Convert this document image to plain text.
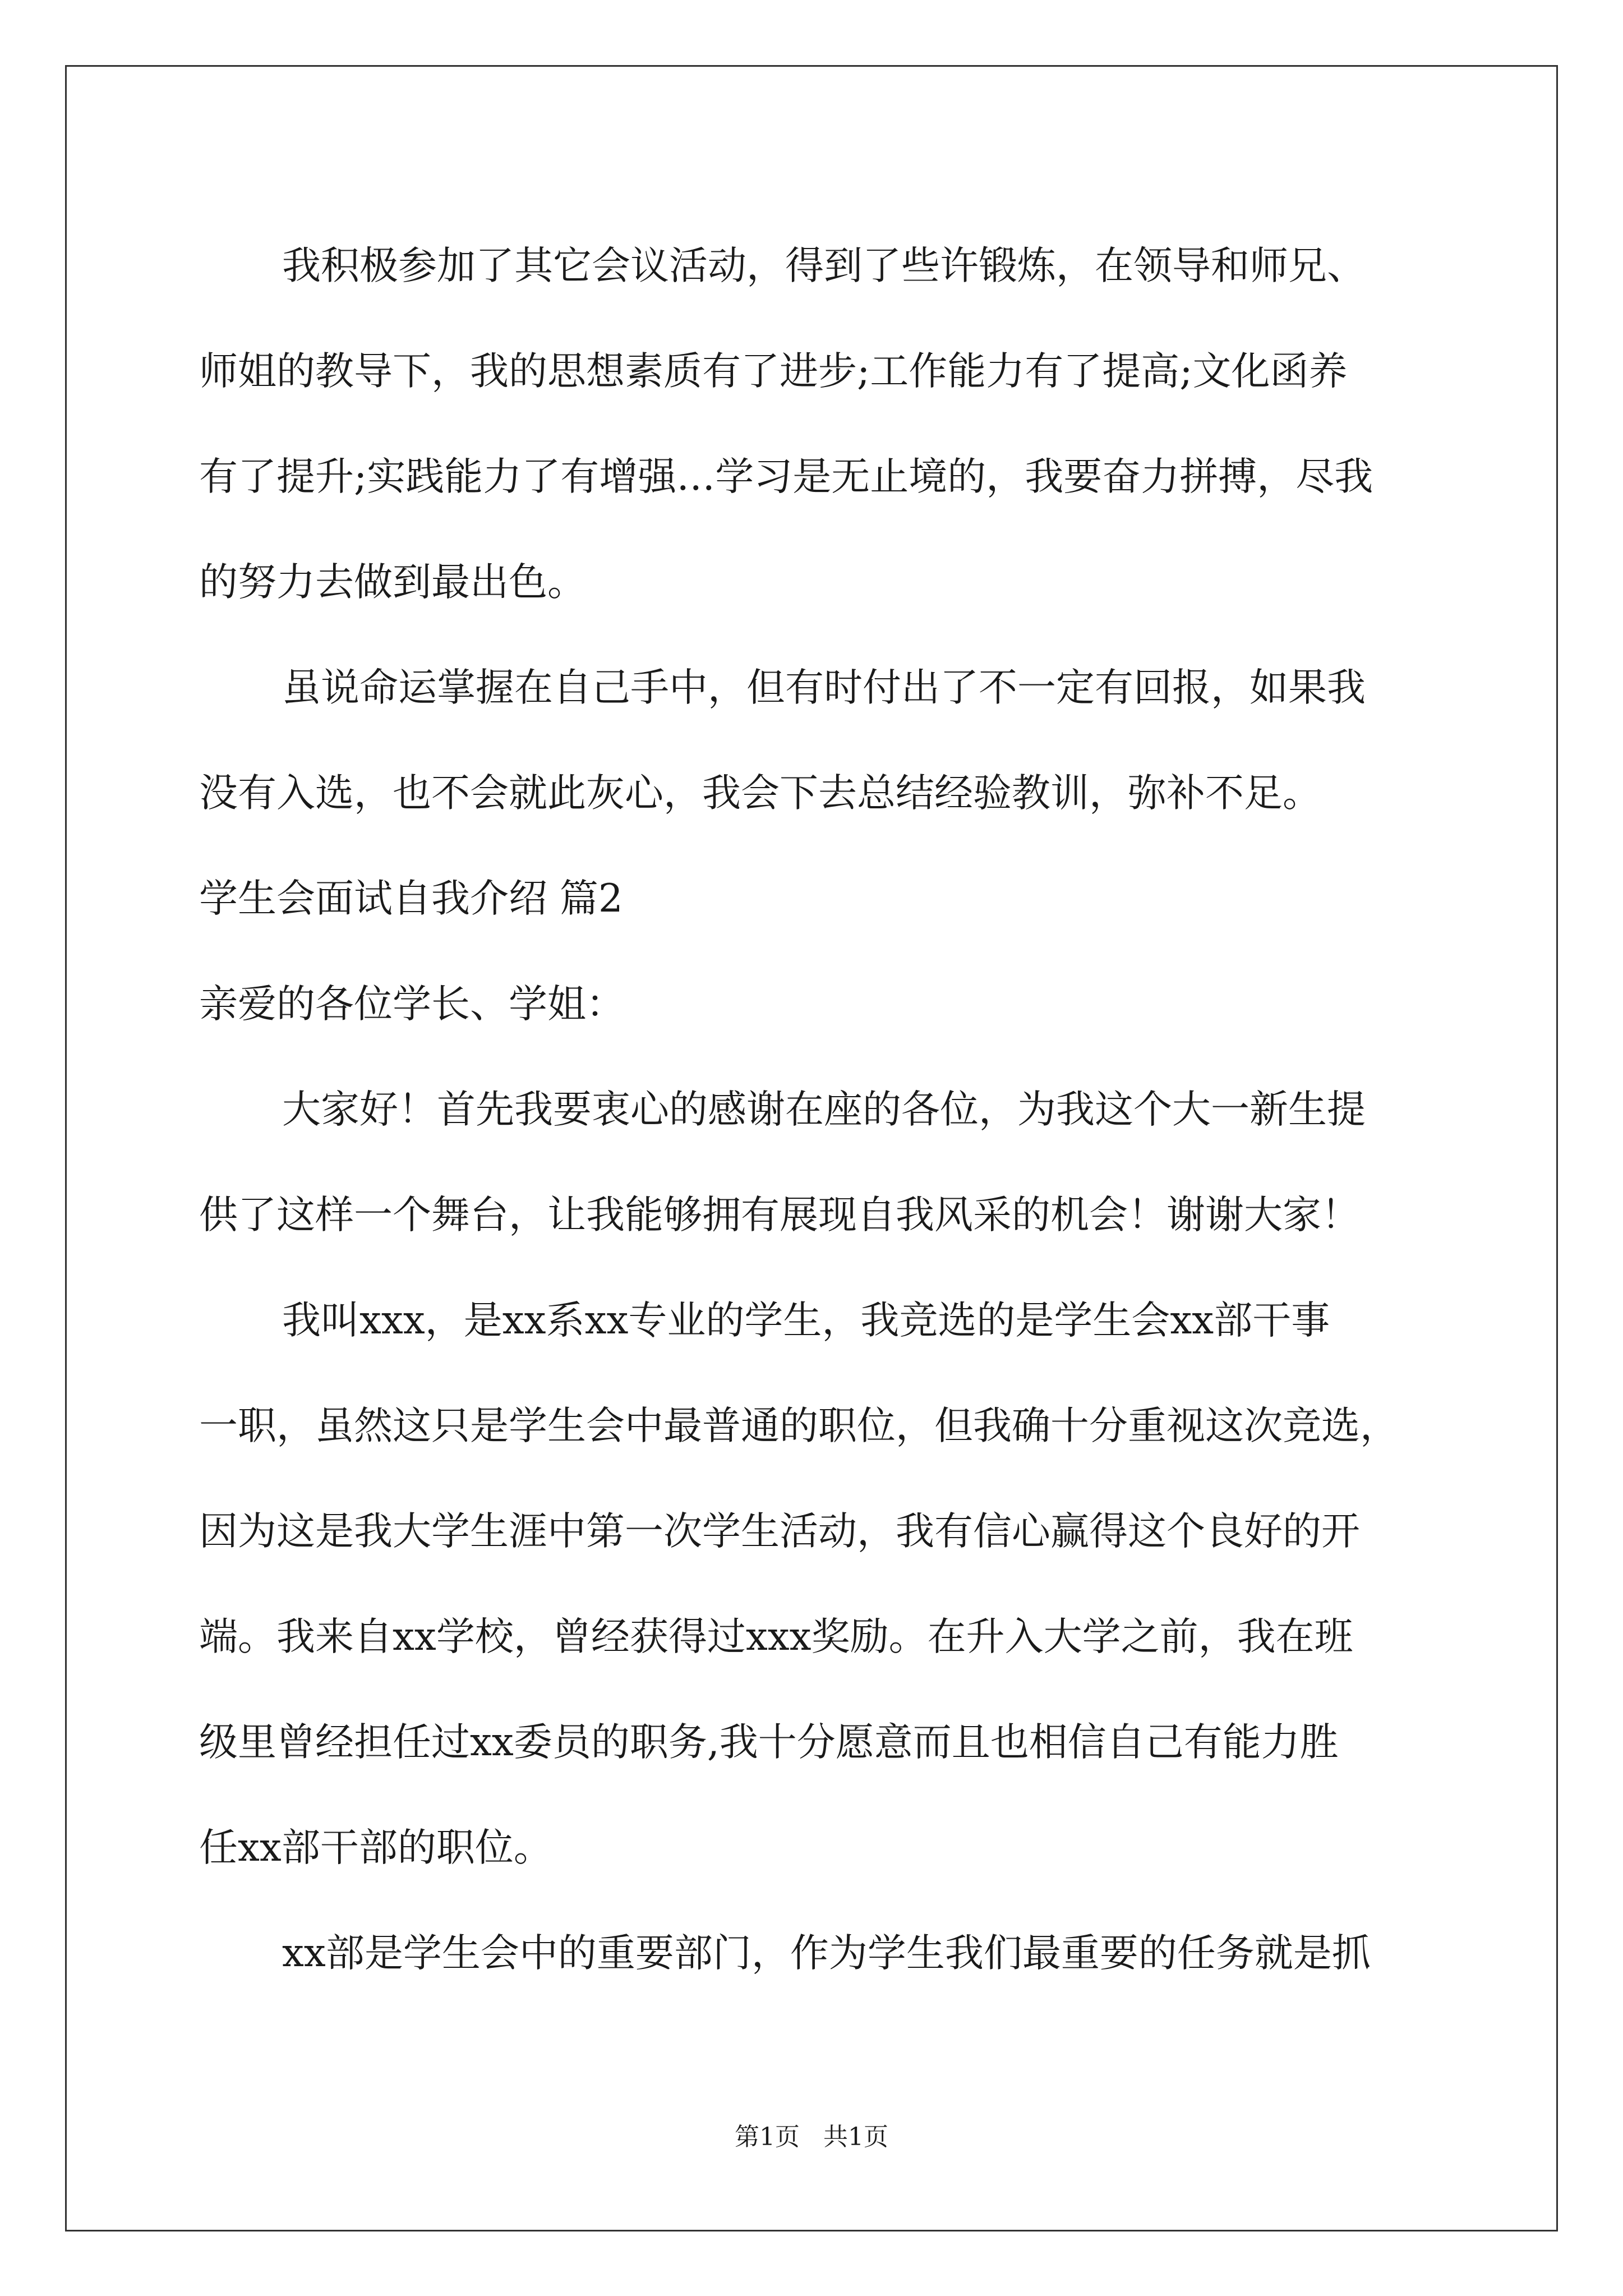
我积极参加了其它会议活动，得到了些许锻炼，在领导和师兄、

师姐的教导下，我的思想素质有了进步;工作能力有了提高;文化函养

有了提升;实践能力了有增强…学习是无止境的，我要奋力拼搏，尽我

的努力去做到最出色。

虽说命运掌握在自己手中，但有时付出了不一定有回报，如果我

没有入选，也不会就此灰心，我会下去总结经验教训，弥补不足。

学生会面试自我介绍 篇2

亲爱的各位学长、学姐：

大家好！首先我要衷心的感谢在座的各位，为我这个大一新生提

供了这样一个舞台，让我能够拥有展现自我风采的机会！谢谢大家！

我叫xxx，是xx系xx专业的学生，我竞选的是学生会xx部干事

一职，虽然这只是学生会中最普通的职位，但我确十分重视这次竞选，

因为这是我大学生涯中第一次学生活动，我有信心赢得这个良好的开

端。我来自xx学校，曾经获得过xxx奖励。在升入大学之前，我在班

级里曾经担任过xx委员的职务,我十分愿意而且也相信自己有能力胜

任xx部干部的职位。

xx部是学生会中的重要部门，作为学生我们最重要的任务就是抓

第1页 共1页
